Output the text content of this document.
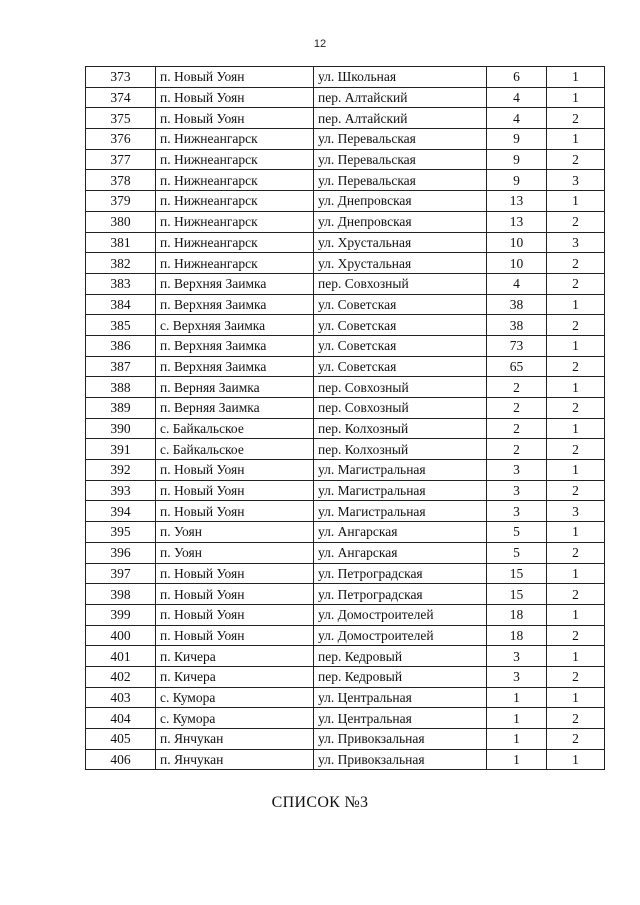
12
373	п. Новый Уоян	ул. Школьная	6	1
374	п. Новый Уоян	пер. Алтайский	4	1
375	п. Новый Уоян	пер. Алтайский	4	2
376	п. Нижнеангарск	ул. Перевальская	9	1
377	п. Нижнеангарск	ул. Перевальская	9	2
378	п. Нижнеангарск	ул. Перевальская	9	3
379	п. Нижнеангарск	ул. Днепровская	13	1
380	п. Нижнеангарск	ул. Днепровская	13	2
381	п. Нижнеангарск	ул. Хрустальная	10	3
382	п. Нижнеангарск	ул. Хрустальная	10	2
383	п. Верхняя Заимка	пер. Совхозный	4	2
384	п. Верхняя Заимка	ул. Советская	38	1
385	с. Верхняя Заимка	ул. Советская	38	2
386	п. Верхняя Заимка	ул. Советская	73	1
387	п. Верхняя Заимка	ул. Советская	65	2
388	п. Верняя Заимка	пер. Совхозный	2	1
389	п. Верняя Заимка	пер. Совхозный	2	2
390	с. Байкальское	пер. Колхозный	2	1
391	с. Байкальское	пер. Колхозный	2	2
392	п. Новый Уоян	ул. Магистральная	3	1
393	п. Новый Уоян	ул. Магистральная	3	2
394	п. Новый Уоян	ул. Магистральная	3	3
395	п. Уоян	ул. Ангарская	5	1
396	п. Уоян	ул. Ангарская	5	2
397	п. Новый Уоян	ул. Петроградская	15	1
398	п. Новый Уоян	ул. Петроградская	15	2
399	п. Новый Уоян	ул. Домостроителей	18	1
400	п. Новый Уоян	ул. Домостроителей	18	2
401	п. Кичера	пер. Кедровый	3	1
402	п. Кичера	пер. Кедровый	3	2
403	с. Кумора	ул. Центральная	1	1
404	с. Кумора	ул. Центральная	1	2
405	п. Янчукан	ул. Привокзальная	1	2
406	п. Янчукан	ул. Привокзальная	1	1
СПИСОК №3
